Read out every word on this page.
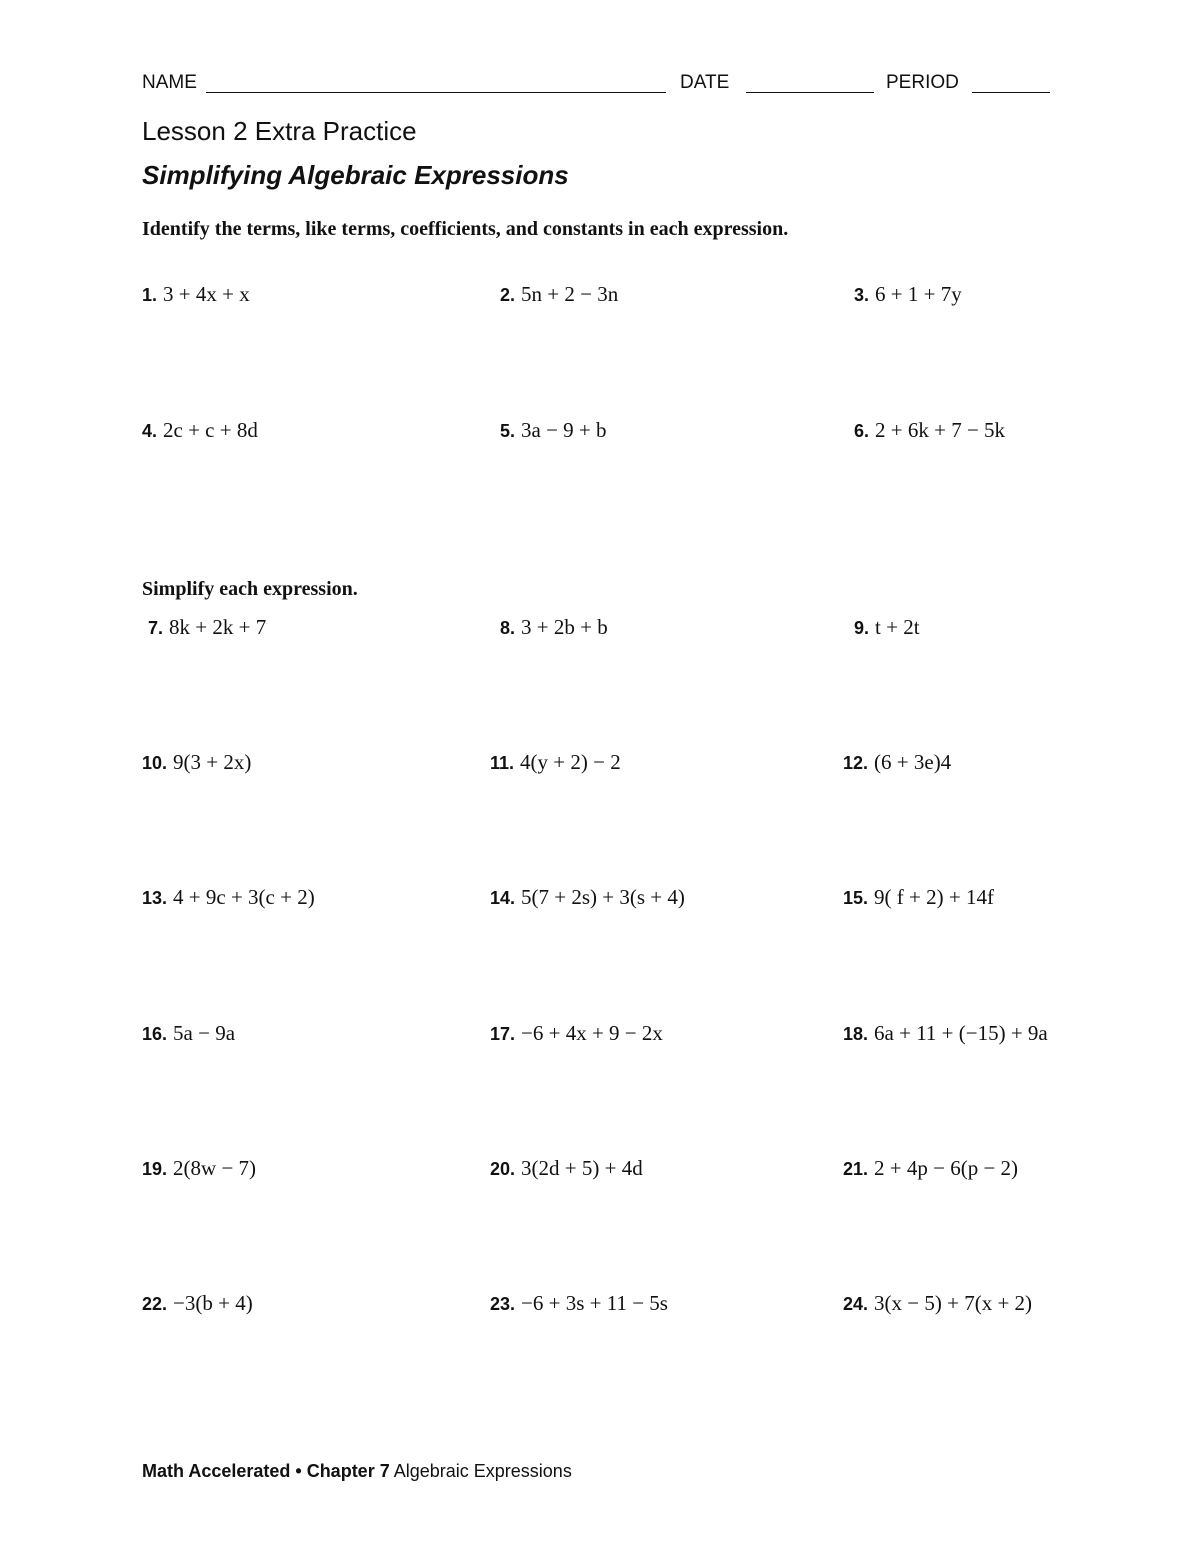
NAME	DATE	PERIOD
Lesson 2 Extra Practice
Simplifying Algebraic Expressions
Identify the terms, like terms, coefficients, and constants in each expression.
1. 3 + 4x + x	2. 5n + 2 − 3n	3. 6 + 1 + 7y
4. 2c + c + 8d	5. 3a − 9 + b	6. 2 + 6k + 7 − 5k
Simplify each expression.
7. 8k + 2k + 7	8. 3 + 2b + b	9. t + 2t
10. 9(3 + 2x)	11. 4(y + 2) − 2	12. (6 + 3e)4
13. 4 + 9c + 3(c + 2)	14. 5(7 + 2s) + 3(s + 4)	15. 9( f + 2) + 14f
16. 5a − 9a	17. −6 + 4x + 9 − 2x	18. 6a + 11 + (−15) + 9a
19. 2(8w − 7)	20. 3(2d + 5) + 4d	21. 2 + 4p − 6(p − 2)
22. −3(b + 4)	23. −6 + 3s + 11 − 5s	24. 3(x − 5) + 7(x + 2)
Math Accelerated • Chapter 7 Algebraic Expressions
